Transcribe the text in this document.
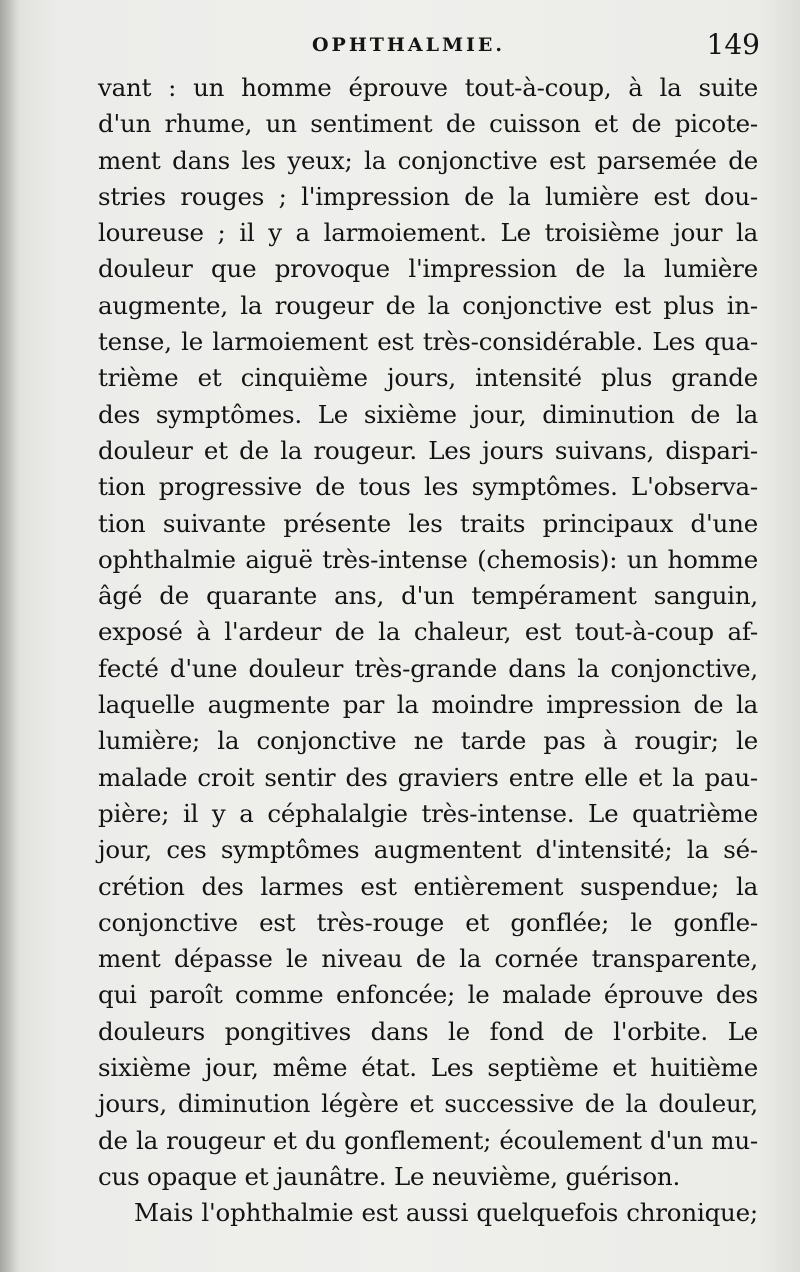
OPHTHALMIE.	149
vant : un homme éprouve tout-à-coup, à la suite
d'un rhume, un sentiment de cuisson et de picote-
ment dans les yeux; la conjonctive est parsemée de
stries rouges ; l'impression de la lumière est dou-
loureuse ; il y a larmoiement. Le troisième jour la
douleur que provoque l'impression de la lumière
augmente, la rougeur de la conjonctive est plus in-
tense, le larmoiement est très-considérable. Les qua-
trième et cinquième jours, intensité plus grande
des symptômes. Le sixième jour, diminution de la
douleur et de la rougeur. Les jours suivans, dispari-
tion progressive de tous les symptômes. L'observa-
tion suivante présente les traits principaux d'une
ophthalmie aiguë très-intense (chemosis): un homme
âgé de quarante ans, d'un tempérament sanguin,
exposé à l'ardeur de la chaleur, est tout-à-coup af-
fecté d'une douleur très-grande dans la conjonctive,
laquelle augmente par la moindre impression de la
lumière; la conjonctive ne tarde pas à rougir; le
malade croit sentir des graviers entre elle et la pau-
pière; il y a céphalalgie très-intense. Le quatrième
jour, ces symptômes augmentent d'intensité; la sé-
crétion des larmes est entièrement suspendue; la
conjonctive est très-rouge et gonflée; le gonfle-
ment dépasse le niveau de la cornée transparente,
qui paroît comme enfoncée; le malade éprouve des
douleurs pongitives dans le fond de l'orbite. Le
sixième jour, même état. Les septième et huitième
jours, diminution légère et successive de la douleur,
de la rougeur et du gonflement; écoulement d'un mu-
cus opaque et jaunâtre. Le neuvième, guérison.
Mais l'ophthalmie est aussi quelquefois chronique;
